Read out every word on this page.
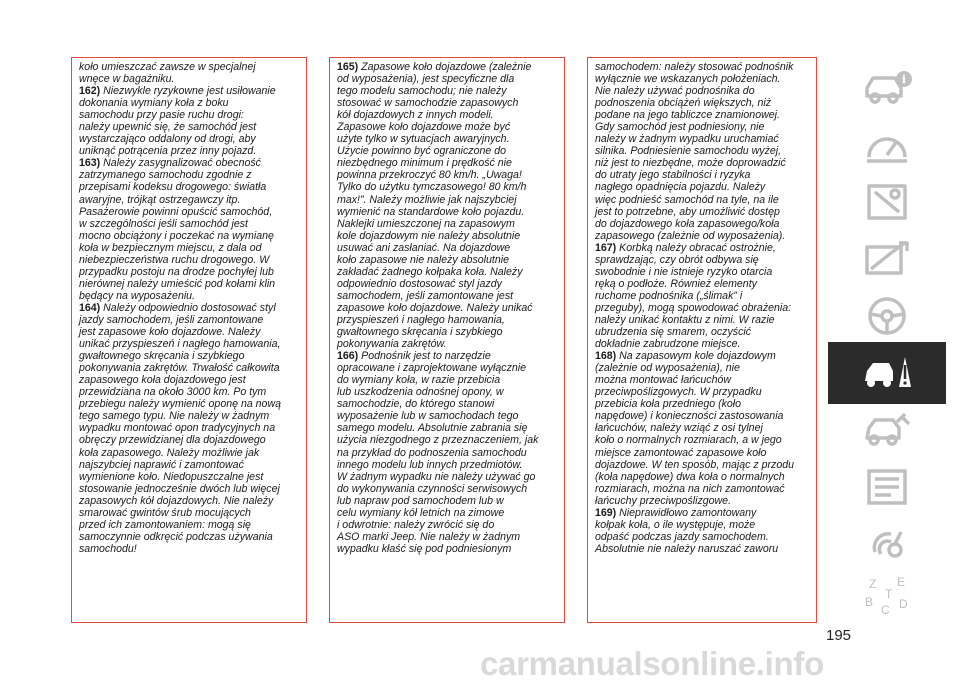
koło umieszczać zawsze w specjalnej
wnęce w bagażniku.

162) Niezwykle ryzykowne jest usiłowanie
dokonania wymiany koła z boku
samochodu przy pasie ruchu drogi:
należy upewnić się, że samochód jest
wystarczająco oddalony od drogi, aby
uniknąć potrącenia przez inny pojazd.

163) Należy zasygnalizować obecność
zatrzymanego samochodu zgodnie z
przepisami kodeksu drogowego: światła
awaryjne, trójkąt ostrzegawczy itp.
Pasażerowie powinni opuścić samochód,
w szczególności jeśli samochód jest
mocno obciążony i poczekać na wymianę
koła w bezpiecznym miejscu, z dala od
niebezpieczeństwa ruchu drogowego. W
przypadku postoju na drodze pochyłej lub
nierównej należy umieścić pod kołami klin
będący na wyposażeniu.

164) Należy odpowiednio dostosować styl
jazdy samochodem, jeśli zamontowane
jest zapasowe koło dojazdowe. Należy
unikać przyspieszeń i nagłego hamowania,
gwałtownego skręcania i szybkiego
pokonywania zakrętów. Trwałość całkowita
zapasowego koła dojazdowego jest
przewidziana na około 3000 km. Po tym
przebiegu należy wymienić oponę na nową
tego samego typu. Nie należy w żadnym
wypadku montować opon tradycyjnych na
obręczy przewidzianej dla dojazdowego
koła zapasowego. Należy możliwie jak
najszybciej naprawić i zamontować
wymienione koło. Niedopuszczalne jest
stosowanie jednocześnie dwóch lub więcej
zapasowych kół dojazdowych. Nie należy
smarować gwintów śrub mocujących
przed ich zamontowaniem: mogą się
samoczynnie odkręcić podczas używania
samochodu!

165) Zapasowe koło dojazdowe (zależnie
od wyposażenia), jest specyficzne dla
tego modelu samochodu; nie należy
stosować w samochodzie zapasowych
kół dojazdowych z innych modeli.
Zapasowe koło dojazdowe może być
użyte tylko w sytuacjach awaryjnych.
Użycie powinno być ograniczone do
niezbędnego minimum i prędkość nie
powinna przekroczyć 80 km/h. „Uwaga!
Tylko do użytku tymczasowego! 80 km/h
max!”. Należy możliwie jak najszybciej
wymienić na standardowe koło pojazdu.
Naklejki umieszczonej na zapasowym
kole dojazdowym nie należy absolutnie
usuwać ani zasłaniać. Na dojazdowe
koło zapasowe nie należy absolutnie
zakładać żadnego kołpaka koła. Należy
odpowiednio dostosować styl jazdy
samochodem, jeśli zamontowane jest
zapasowe koło dojazdowe. Należy unikać
przyspieszeń i nagłego hamowania,
gwałtownego skręcania i szybkiego
pokonywania zakrętów.

166) Podnośnik jest to narzędzie
opracowane i zaprojektowane wyłącznie
do wymiany koła, w razie przebicia
lub uszkodzenia odnośnej opony, w
samochodzie, do którego stanowi
wyposażenie lub w samochodach tego
samego modelu. Absolutnie zabrania się
użycia niezgodnego z przeznaczeniem, jak
na przykład do podnoszenia samochodu
innego modelu lub innych przedmiotów.
W żadnym wypadku nie należy używać go
do wykonywania czynności serwisowych
lub napraw pod samochodem lub w
celu wymiany kół letnich na zimowe
i odwrotnie: należy zwrócić się do
ASO marki Jeep. Nie należy w żadnym
wypadku kłaść się pod podniesionym

samochodem: należy stosować podnośnik
wyłącznie we wskazanych położeniach.
Nie należy używać podnośnika do
podnoszenia obciążeń większych, niż
podane na jego tabliczce znamionowej.
Gdy samochód jest podniesiony, nie
należy w żadnym wypadku uruchamiać
silnika. Podniesienie samochodu wyżej,
niż jest to niezbędne, może doprowadzić
do utraty jego stabilności i ryzyka
nagłego opadnięcia pojazdu. Należy
więc podnieść samochód na tyle, na ile
jest to potrzebne, aby umożliwić dostęp
do dojazdowego koła zapasowego/koła
zapasowego (zależnie od wyposażenia).

167) Korbką należy obracać ostrożnie,
sprawdzając, czy obrót odbywa się
swobodnie i nie istnieje ryzyko otarcia
ręką o podłoże. Również elementy
ruchome podnośnika („ślimak” i
przeguby), mogą spowodować obrażenia:
należy unikać kontaktu z nimi. W razie
ubrudzenia się smarem, oczyścić
dokładnie zabrudzone miejsce.

168) Na zapasowym kole dojazdowym
(zależnie od wyposażenia), nie
można montować łańcuchów
przeciwpoślizgowych. W przypadku
przebicia koła przedniego (koło
napędowe) i konieczności zastosowania
łańcuchów, należy wziąć z osi tylnej
koło o normalnych rozmiarach, a w jego
miejsce zamontować zapasowe koło
dojazdowe. W ten sposób, mając z przodu
(koła napędowe) dwa koła o normalnych
rozmiarach, można na nich zamontować
łańcuchy przeciwpoślizgowe.

169) Nieprawidłowo zamontowany
kołpak koła, o ile występuje, może
odpaść podczas jazdy samochodem.
Absolutnie nie należy naruszać zaworu

i
Z E
B
C D
T
195
carmanualsonline.info
